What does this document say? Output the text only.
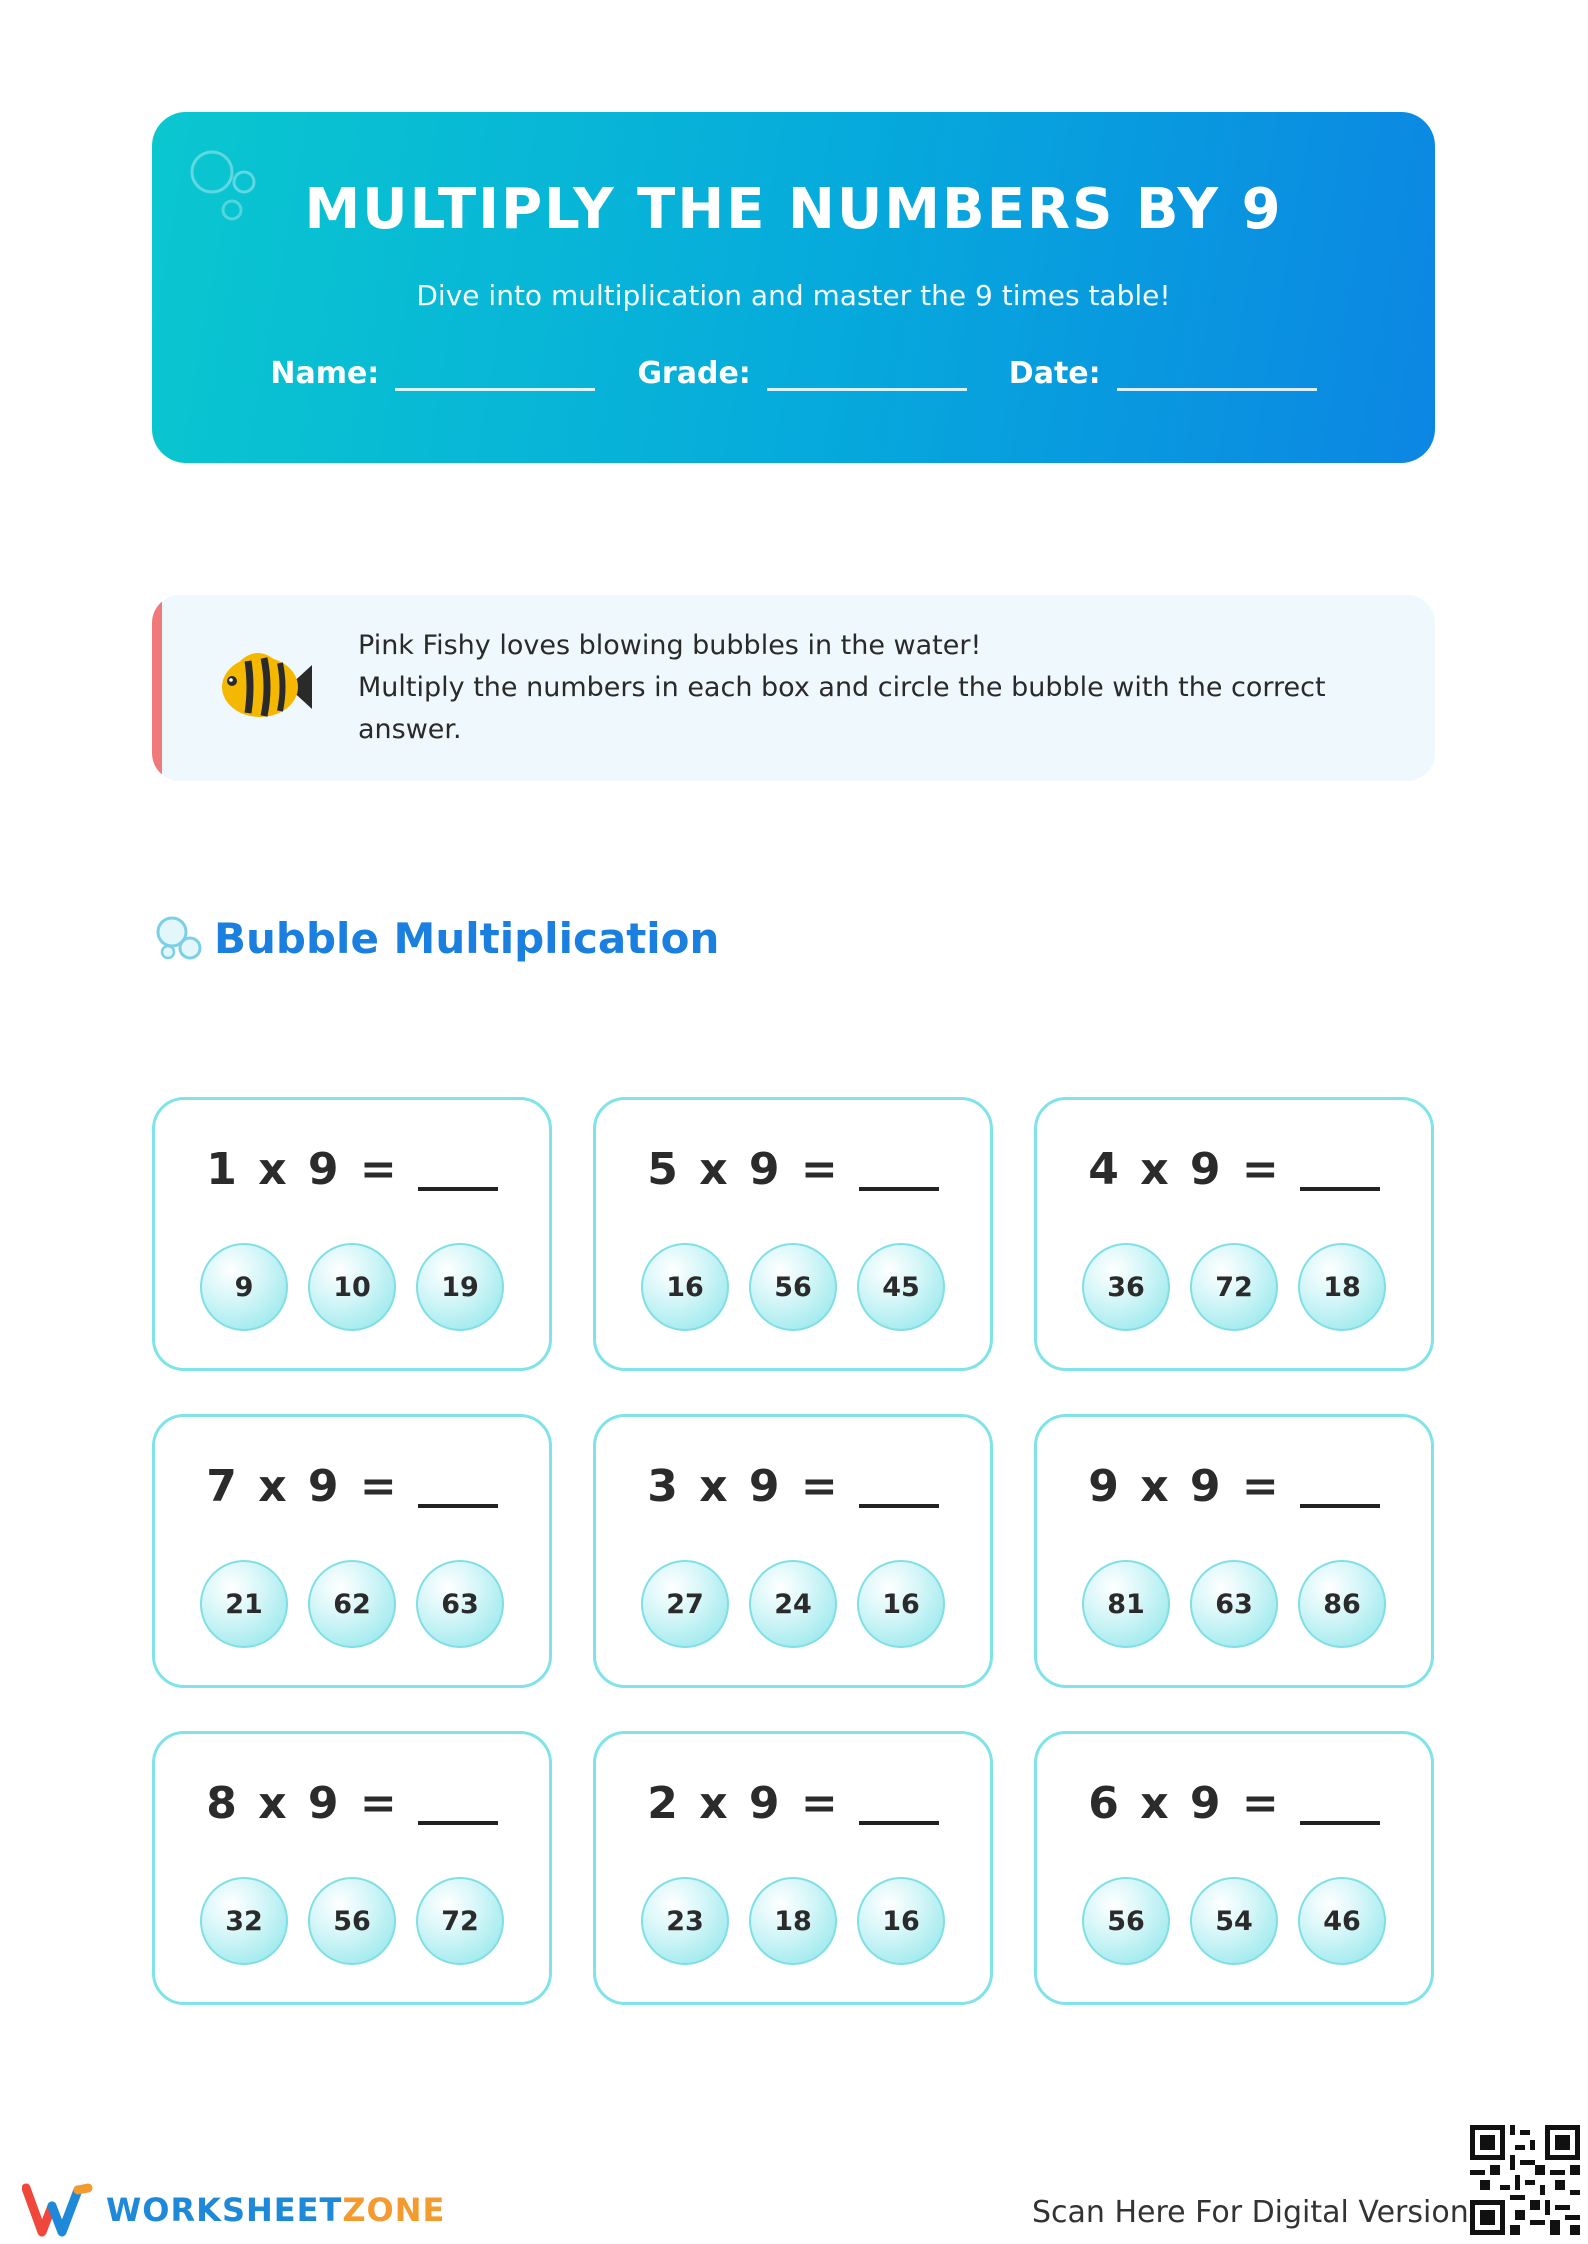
MULTIPLY THE NUMBERS BY 9
Dive into multiplication and master the 9 times table!
Name:	Grade:	Date:
Pink Fishy loves blowing bubbles in the water!
Multiply the numbers in each box and circle the bubble with the correct answer.
Bubble Multiplication
1 x 9 =
9	10	19
5 x 9 =
16	56	45
4 x 9 =
36	72	18
7 x 9 =
21	62	63
3 x 9 =
27	24	16
9 x 9 =
81	63	86
8 x 9 =
32	56	72
2 x 9 =
23	18	16
6 x 9 =
56	54	46
WORKSHEETZONE	Scan Here For Digital Version
